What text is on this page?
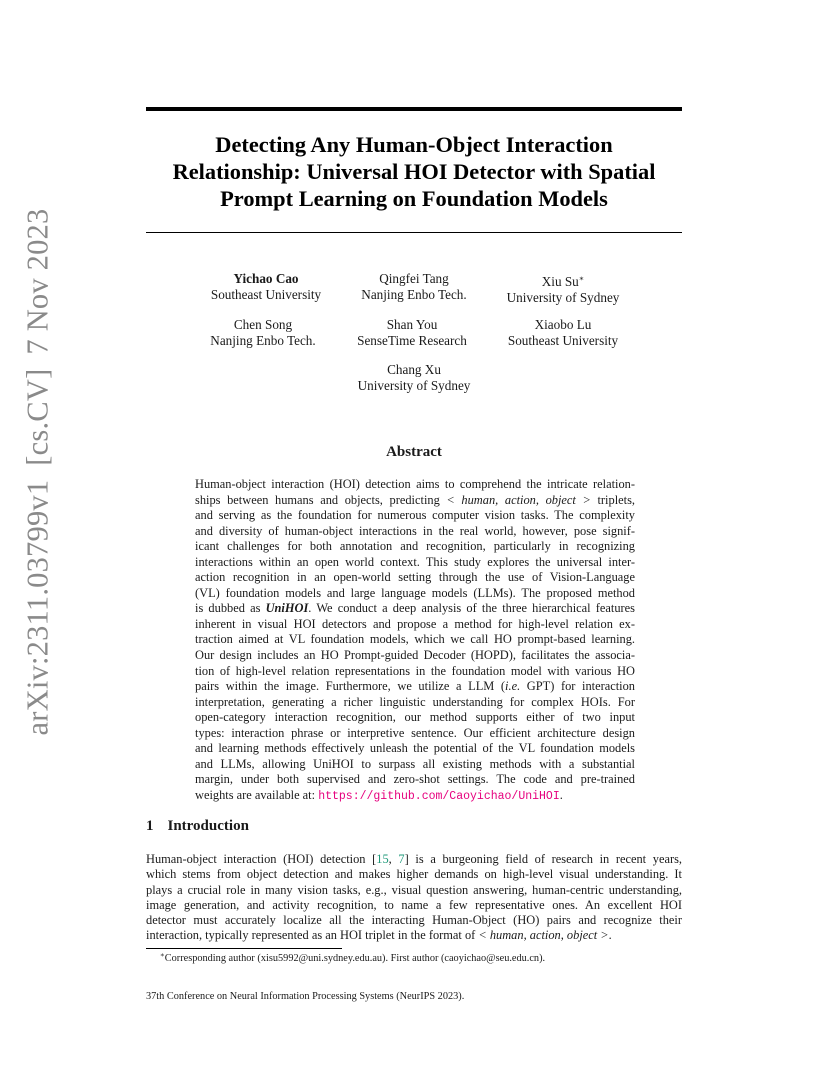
arXiv:2311.03799v1[cs.CV]7 Nov 2023
Detecting Any Human-Object Interaction
Relationship: Universal HOI Detector with Spatial
Prompt Learning on Foundation Models
Yichao Cao
Southeast University
Qingfei Tang
Nanjing Enbo Tech.
Xiu Su∗
University of Sydney
Chen Song
Nanjing Enbo Tech.
Shan You
SenseTime Research
Xiaobo Lu
Southeast University
Chang Xu
University of Sydney
Abstract
Human-object interaction (HOI) detection aims to comprehend the intricate relation-
ships between humans and objects, predicting < human, action, object > triplets,
and serving as the foundation for numerous computer vision tasks. The complexity
and diversity of human-object interactions in the real world, however, pose signif-
icant challenges for both annotation and recognition, particularly in recognizing
interactions within an open world context. This study explores the universal inter-
action recognition in an open-world setting through the use of Vision-Language
(VL) foundation models and large language models (LLMs). The proposed method
is dubbed as UniHOI. We conduct a deep analysis of the three hierarchical features
inherent in visual HOI detectors and propose a method for high-level relation ex-
traction aimed at VL foundation models, which we call HO prompt-based learning.
Our design includes an HO Prompt-guided Decoder (HOPD), facilitates the associa-
tion of high-level relation representations in the foundation model with various HO
pairs within the image. Furthermore, we utilize a LLM (i.e. GPT) for interaction
interpretation, generating a richer linguistic understanding for complex HOIs. For
open-category interaction recognition, our method supports either of two input
types: interaction phrase or interpretive sentence. Our efficient architecture design
and learning methods effectively unleash the potential of the VL foundation models
and LLMs, allowing UniHOI to surpass all existing methods with a substantial
margin, under both supervised and zero-shot settings. The code and pre-trained
weights are available at: https://github.com/Caoyichao/UniHOI.
1 Introduction
Human-object interaction (HOI) detection [15, 7] is a burgeoning field of research in recent years,
which stems from object detection and makes higher demands on high-level visual understanding. It
plays a crucial role in many vision tasks, e.g., visual question answering, human-centric understanding,
image generation, and activity recognition, to name a few representative ones. An excellent HOI
detector must accurately localize all the interacting Human-Object (HO) pairs and recognize their
interaction, typically represented as an HOI triplet in the format of < human, action, object >.
∗Corresponding author (xisu5992@uni.sydney.edu.au). First author (caoyichao@seu.edu.cn).
37th Conference on Neural Information Processing Systems (NeurIPS 2023).
